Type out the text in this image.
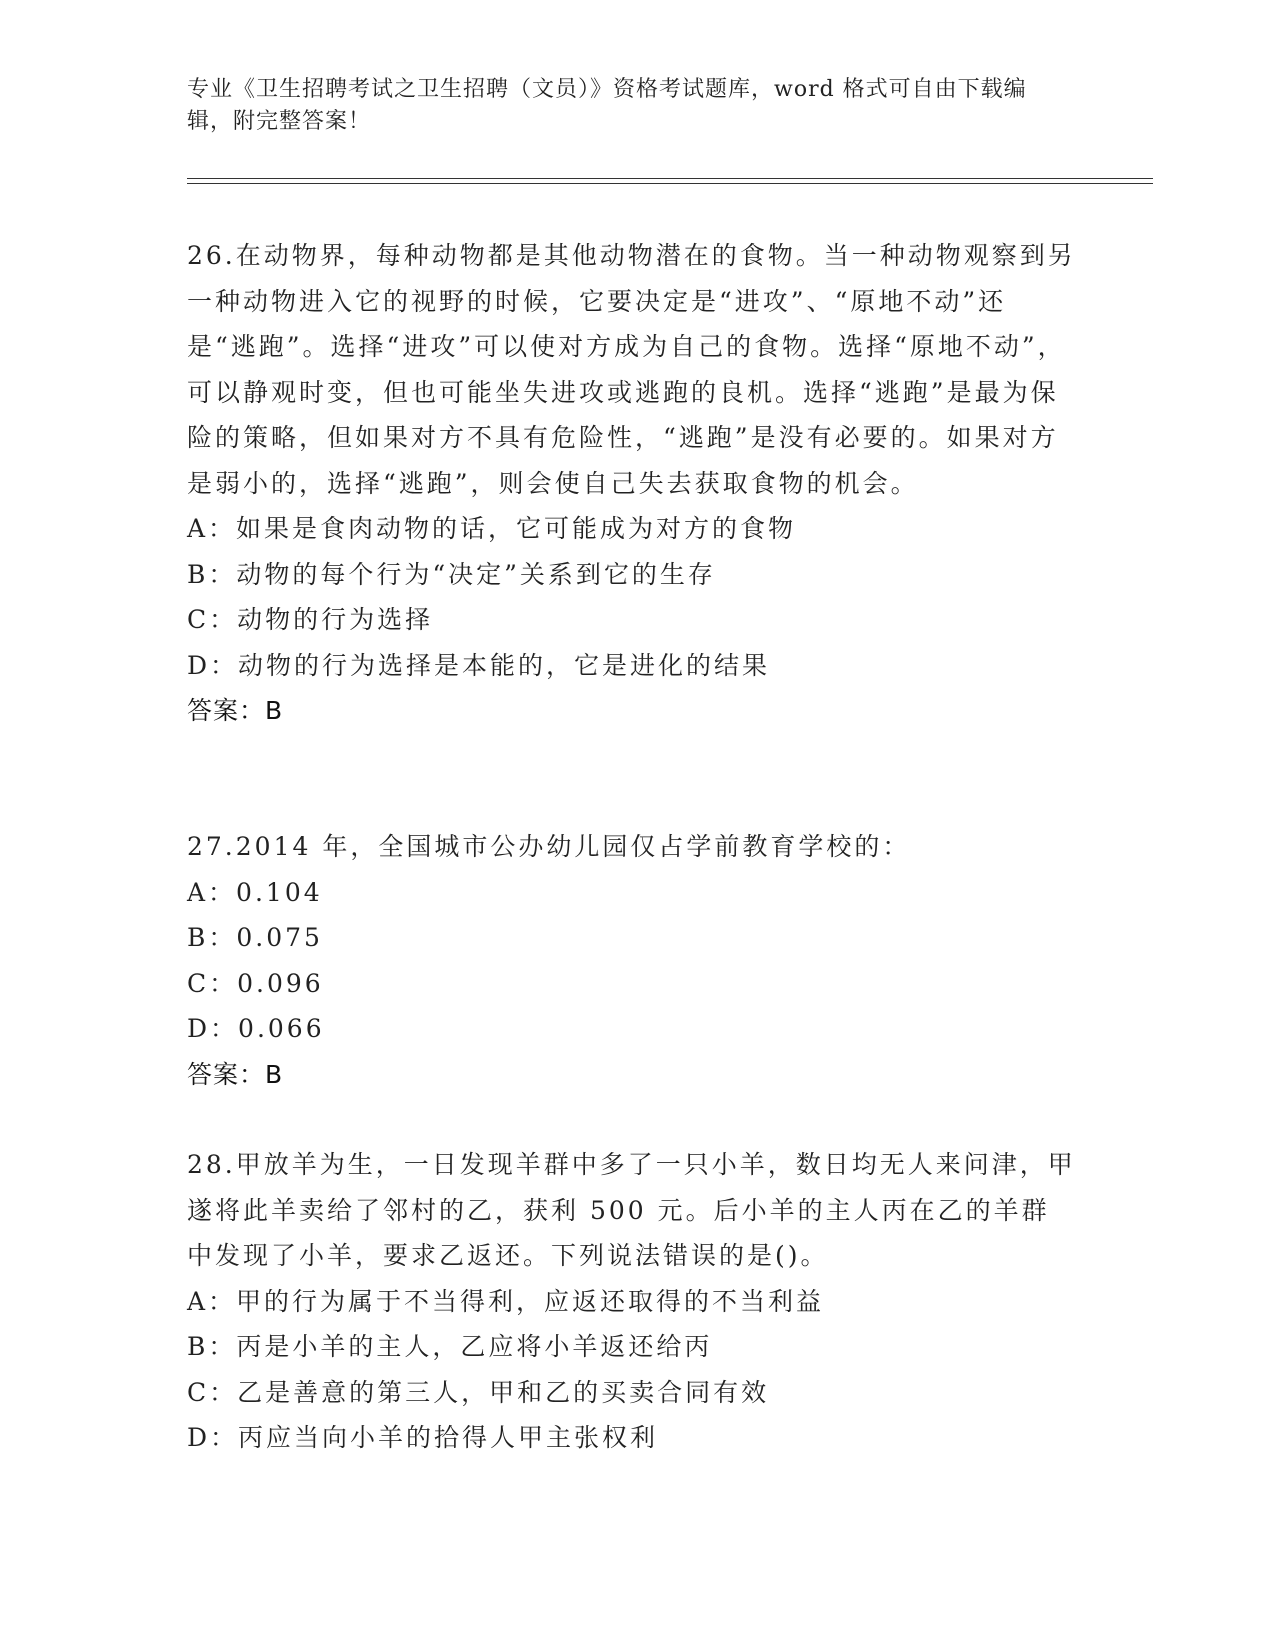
专业《卫生招聘考试之卫生招聘（文员）》资格考试题库，word 格式可自由下载编辑，附完整答案！

26.在动物界，每种动物都是其他动物潜在的食物。当一种动物观察到另一种动物进入它的视野的时候，它要决定是“进攻”、“原地不动”还是“逃跑”。选择“进攻”可以使对方成为自己的食物。选择“原地不动”，可以静观时变，但也可能坐失进攻或逃跑的良机。选择“逃跑”是最为保险的策略，但如果对方不具有危险性，“逃跑”是没有必要的。如果对方是弱小的，选择“逃跑”，则会使自己失去获取食物的机会。

A：如果是食肉动物的话，它可能成为对方的食物

B：动物的每个行为“决定”关系到它的生存

C：动物的行为选择

D：动物的行为选择是本能的，它是进化的结果

答案：B

27.2014 年，全国城市公办幼儿园仅占学前教育学校的：

A：0.104

B：0.075

C：0.096

D：0.066

答案：B

28.甲放羊为生，一日发现羊群中多了一只小羊，数日均无人来问津，甲遂将此羊卖给了邻村的乙，获利 500 元。后小羊的主人丙在乙的羊群中发现了小羊，要求乙返还。下列说法错误的是()。

A：甲的行为属于不当得利，应返还取得的不当利益

B：丙是小羊的主人，乙应将小羊返还给丙

C：乙是善意的第三人，甲和乙的买卖合同有效

D：丙应当向小羊的拾得人甲主张权利
